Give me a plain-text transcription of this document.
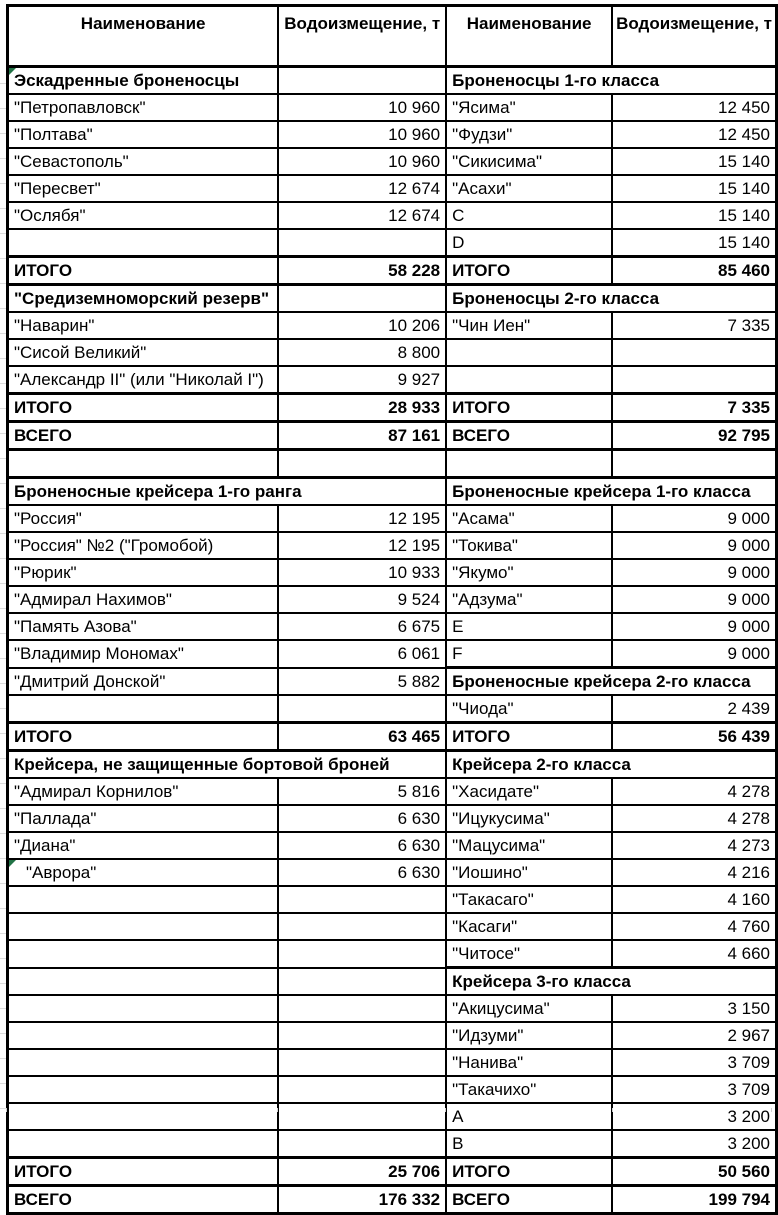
Наименование	Водоизмещение, т	Наименование	Водоизмещение, т

Эскадренные броненосцы		Броненосцы 1-го класса	
"Петропавловск"	10 960	"Ясима"	12 450
"Полтава"	10 960	"Фудзи"	12 450
"Севастополь"	10 960	"Сикисима"	15 140
"Пересвет"	12 674	"Асахи"	15 140
"Ослябя"	12 674	C	15 140
		D	15 140
ИТОГО	58 228	ИТОГО	85 460
"Средиземноморский резерв"		Броненосцы 2-го класса	
"Наварин"	10 206	"Чин Иен"	7 335
"Сисой Великий"	8 800		
"Александр II" (или "Николай I")	9 927		
ИТОГО	28 933	ИТОГО	7 335
ВСЕГО	87 161	ВСЕГО	92 795

Броненосные крейсера 1-го ранга		Броненосные крейсера 1-го класса	
"Россия"	12 195	"Асама"	9 000
"Россия" №2 ("Громобой)	12 195	"Токива"	9 000
"Рюрик"	10 933	"Якумо"	9 000
"Адмирал Нахимов"	9 524	"Адзума"	9 000
"Память Азова"	6 675	E	9 000
"Владимир Мономах"	6 061	F	9 000
"Дмитрий Донской"	5 882	Броненосные крейсера 2-го класса	
		"Чиода"	2 439
ИТОГО	63 465	ИТОГО	56 439
Крейсера, не защищенные бортовой броней		Крейсера 2-го класса	
"Адмирал Корнилов"	5 816	"Хасидате"	4 278
"Паллада"	6 630	"Ицукусима"	4 278
"Диана"	6 630	"Мацусима"	4 273

"Аврора"	6 630	"Иошино"	4 216
		"Такасаго"	4 160
		"Касаги"	4 760
		"Читосе"	4 660
		Крейсера 3-го класса	
		"Акицусима"	3 150
		"Идзуми"	2 967
		"Нанива"	3 709
		"Такачихо"	3 709
		A	3 200
		B	3 200
ИТОГО	25 706	ИТОГО	50 560
ВСЕГО	176 332	ВСЕГО	199 794
